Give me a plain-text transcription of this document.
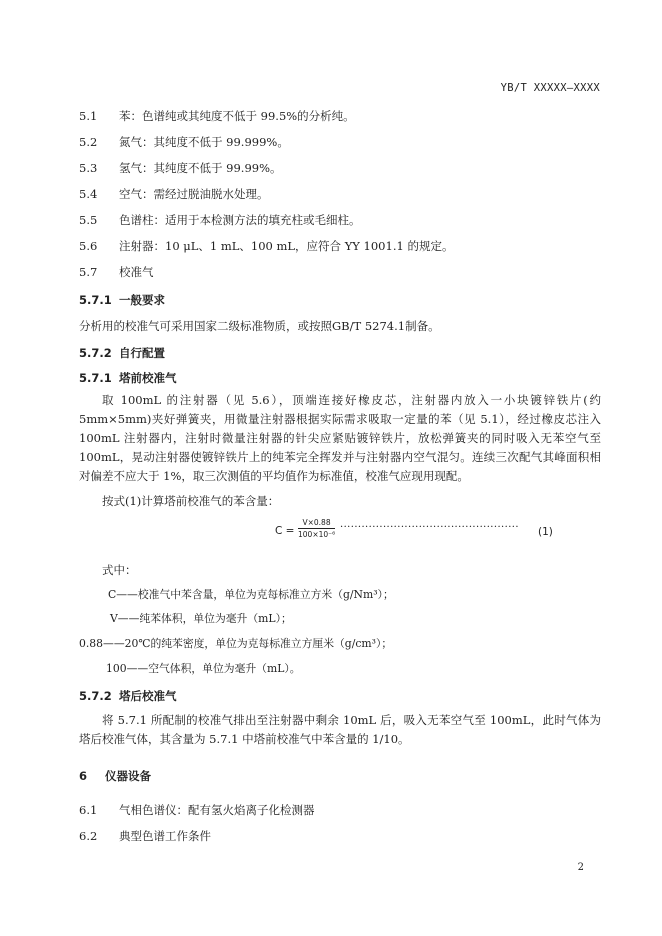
YB/T XXXXX—XXXX
5.1 苯：色谱纯或其纯度不低于 99.5%的分析纯。
5.2 氮气：其纯度不低于 99.999%。
5.3 氢气：其纯度不低于 99.99%。
5.4 空气：需经过脱油脱水处理。
5.5 色谱柱：适用于本检测方法的填充柱或毛细柱。
5.6 注射器：10 μL、1 mL、100 mL，应符合 YY 1001.1 的规定。
5.7 校准气
5.7.1 一般要求
分析用的校准气可采用国家二级标准物质，或按照GB/T 5274.1制备。
5.7.2 自行配置
5.7.1 塔前校准气
取 100mL 的注射器（见 5.6），顶端连接好橡皮芯，注射器内放入一小块镀锌铁片(约 5mm×5mm)夹好弹簧夹，用微量注射器根据实际需求吸取一定量的苯（见 5.1），经过橡皮芯注入 100mL 注射器内，注射时微量注射器的针尖应紧贴镀锌铁片，放松弹簧夹的同时吸入无苯空气至 100mL，晃动注射器使镀锌铁片上的纯苯完全挥发并与注射器内空气混匀。连续三次配气其峰面积相对偏差不应大于 1%，取三次测值的平均值作为标准值，校准气应现用现配。
按式(1)计算塔前校准气的苯含量：
$C = \frac{V\times 0.88}{\text{100×10⁻⁶}}$ ·················································· (1)
式中：
C——校准气中苯含量，单位为克每标准立方米（g/Nm³）；
V——纯苯体积，单位为毫升（mL）；
0.88——20℃的纯苯密度，单位为克每标准立方厘米（g/cm³）；
100——空气体积，单位为毫升（mL）。
5.7.2 塔后校准气
将 5.7.1 所配制的校准气排出至注射器中剩余 10mL 后，吸入无苯空气至 100mL，此时气体为塔后校准气体，其含量为 5.7.1 中塔前校准气中苯含量的 1/10。
6 仪器设备
6.1 气相色谱仪：配有氢火焰离子化检测器
6.2 典型色谱工作条件
2
